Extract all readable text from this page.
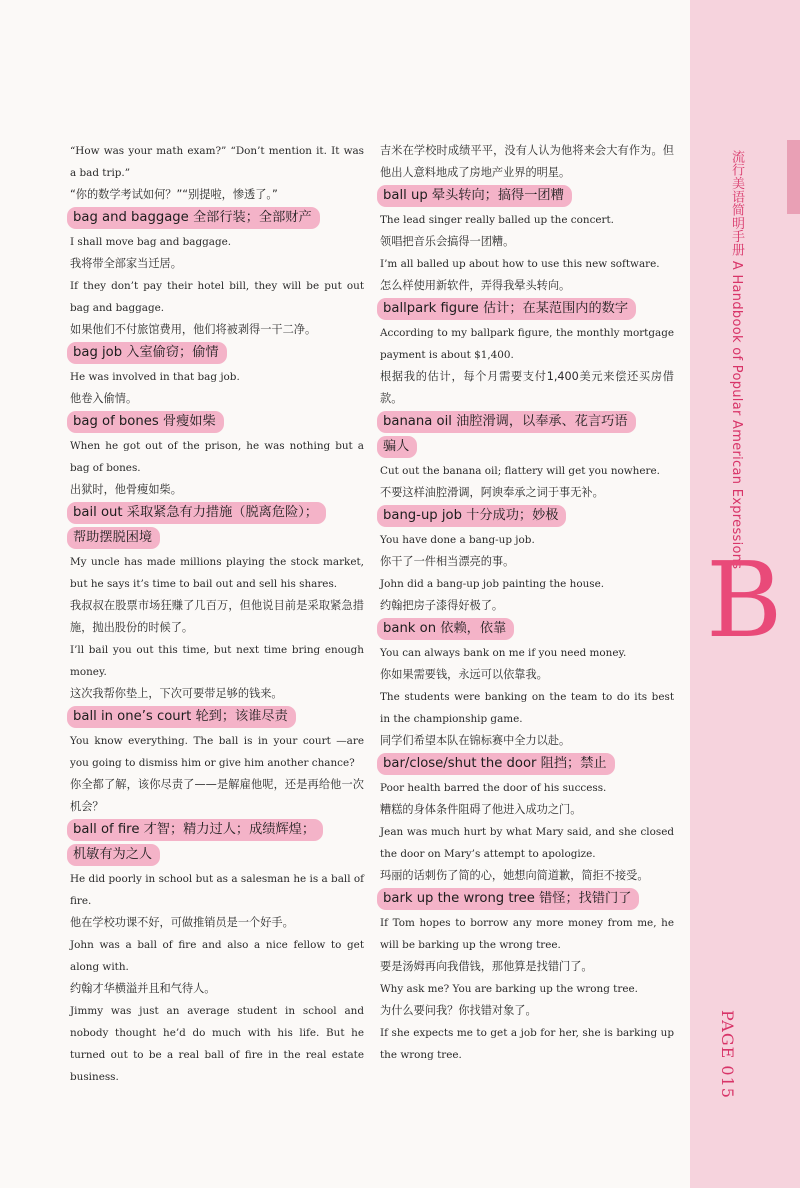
流行美语简明手册 A Handbook of Popular American Expressions
B
PAGE 015

“How was your math exam?” “Don’t mention it. It was a bad trip.”

“你的数学考试如何？”“别提啦，惨透了。”

bag and baggage 全部行装；全部财产

I shall move bag and baggage.

我将带全部家当迁居。

If they don’t pay their hotel bill, they will be put out bag and baggage.

如果他们不付旅馆费用，他们将被剥得一干二净。

bag job 入室偷窃；偷情

He was involved in that bag job.

他卷入偷情。

bag of bones 骨瘦如柴

When he got out of the prison, he was nothing but a bag of bones.

出狱时，他骨瘦如柴。

bail out 采取紧急有力措施（脱离危险）；
帮助摆脱困境

My uncle has made millions playing the stock market, but he says it’s time to bail out and sell his shares.

我叔叔在股票市场狂赚了几百万，但他说目前是采取紧急措施，抛出股份的时候了。

I’ll bail you out this time, but next time bring enough money.

这次我帮你垫上，下次可要带足够的钱来。

ball in one’s court 轮到；该谁尽责

You know everything. The ball is in your court —are you going to dismiss him or give him another chance?

你全都了解，该你尽责了——是解雇他呢，还是再给他一次机会？

ball of fire 才智；精力过人；成绩辉煌；
机敏有为之人

He did poorly in school but as a salesman he is a ball of fire.

他在学校功课不好，可做推销员是一个好手。

John was a ball of fire and also a nice fellow to get along with.

约翰才华横溢并且和气待人。

Jimmy was just an average student in school and nobody thought he’d do much with his life. But he turned out to be a real ball of fire in the real estate business.

吉米在学校时成绩平平，没有人认为他将来会大有作为。但他出人意料地成了房地产业界的明星。

ball up 晕头转向；搞得一团糟

The lead singer really balled up the concert.

领唱把音乐会搞得一团糟。

I’m all balled up about how to use this new software.

怎么样使用新软件，弄得我晕头转向。

ballpark figure 估计；在某范围内的数字

According to my ballpark figure, the monthly mortgage payment is about $1,400.

根据我的估计，每个月需要支付1,400美元来偿还买房借款。

banana oil 油腔滑调，以奉承、花言巧语
骗人

Cut out the banana oil; flattery will get you nowhere.

不要这样油腔滑调，阿谀奉承之词于事无补。

bang-up job 十分成功；妙极

You have done a bang-up job.

你干了一件相当漂亮的事。

John did a bang-up job painting the house.

约翰把房子漆得好极了。

bank on 依赖，依靠

You can always bank on me if you need money.

你如果需要钱，永远可以依靠我。

The students were banking on the team to do its best in the championship game.

同学们希望本队在锦标赛中全力以赴。

bar/close/shut the door 阻挡；禁止

Poor health barred the door of his success.

糟糕的身体条件阻碍了他进入成功之门。

Jean was much hurt by what Mary said, and she closed the door on Mary’s attempt to apologize.

玛丽的话刺伤了简的心，她想向简道歉，简拒不接受。

bark up the wrong tree 错怪；找错门了

If Tom hopes to borrow any more money from me, he will be barking up the wrong tree.

要是汤姆再向我借钱，那他算是找错门了。

Why ask me? You are barking up the wrong tree.

为什么要问我？你找错对象了。

If she expects me to get a job for her, she is barking up the wrong tree.
